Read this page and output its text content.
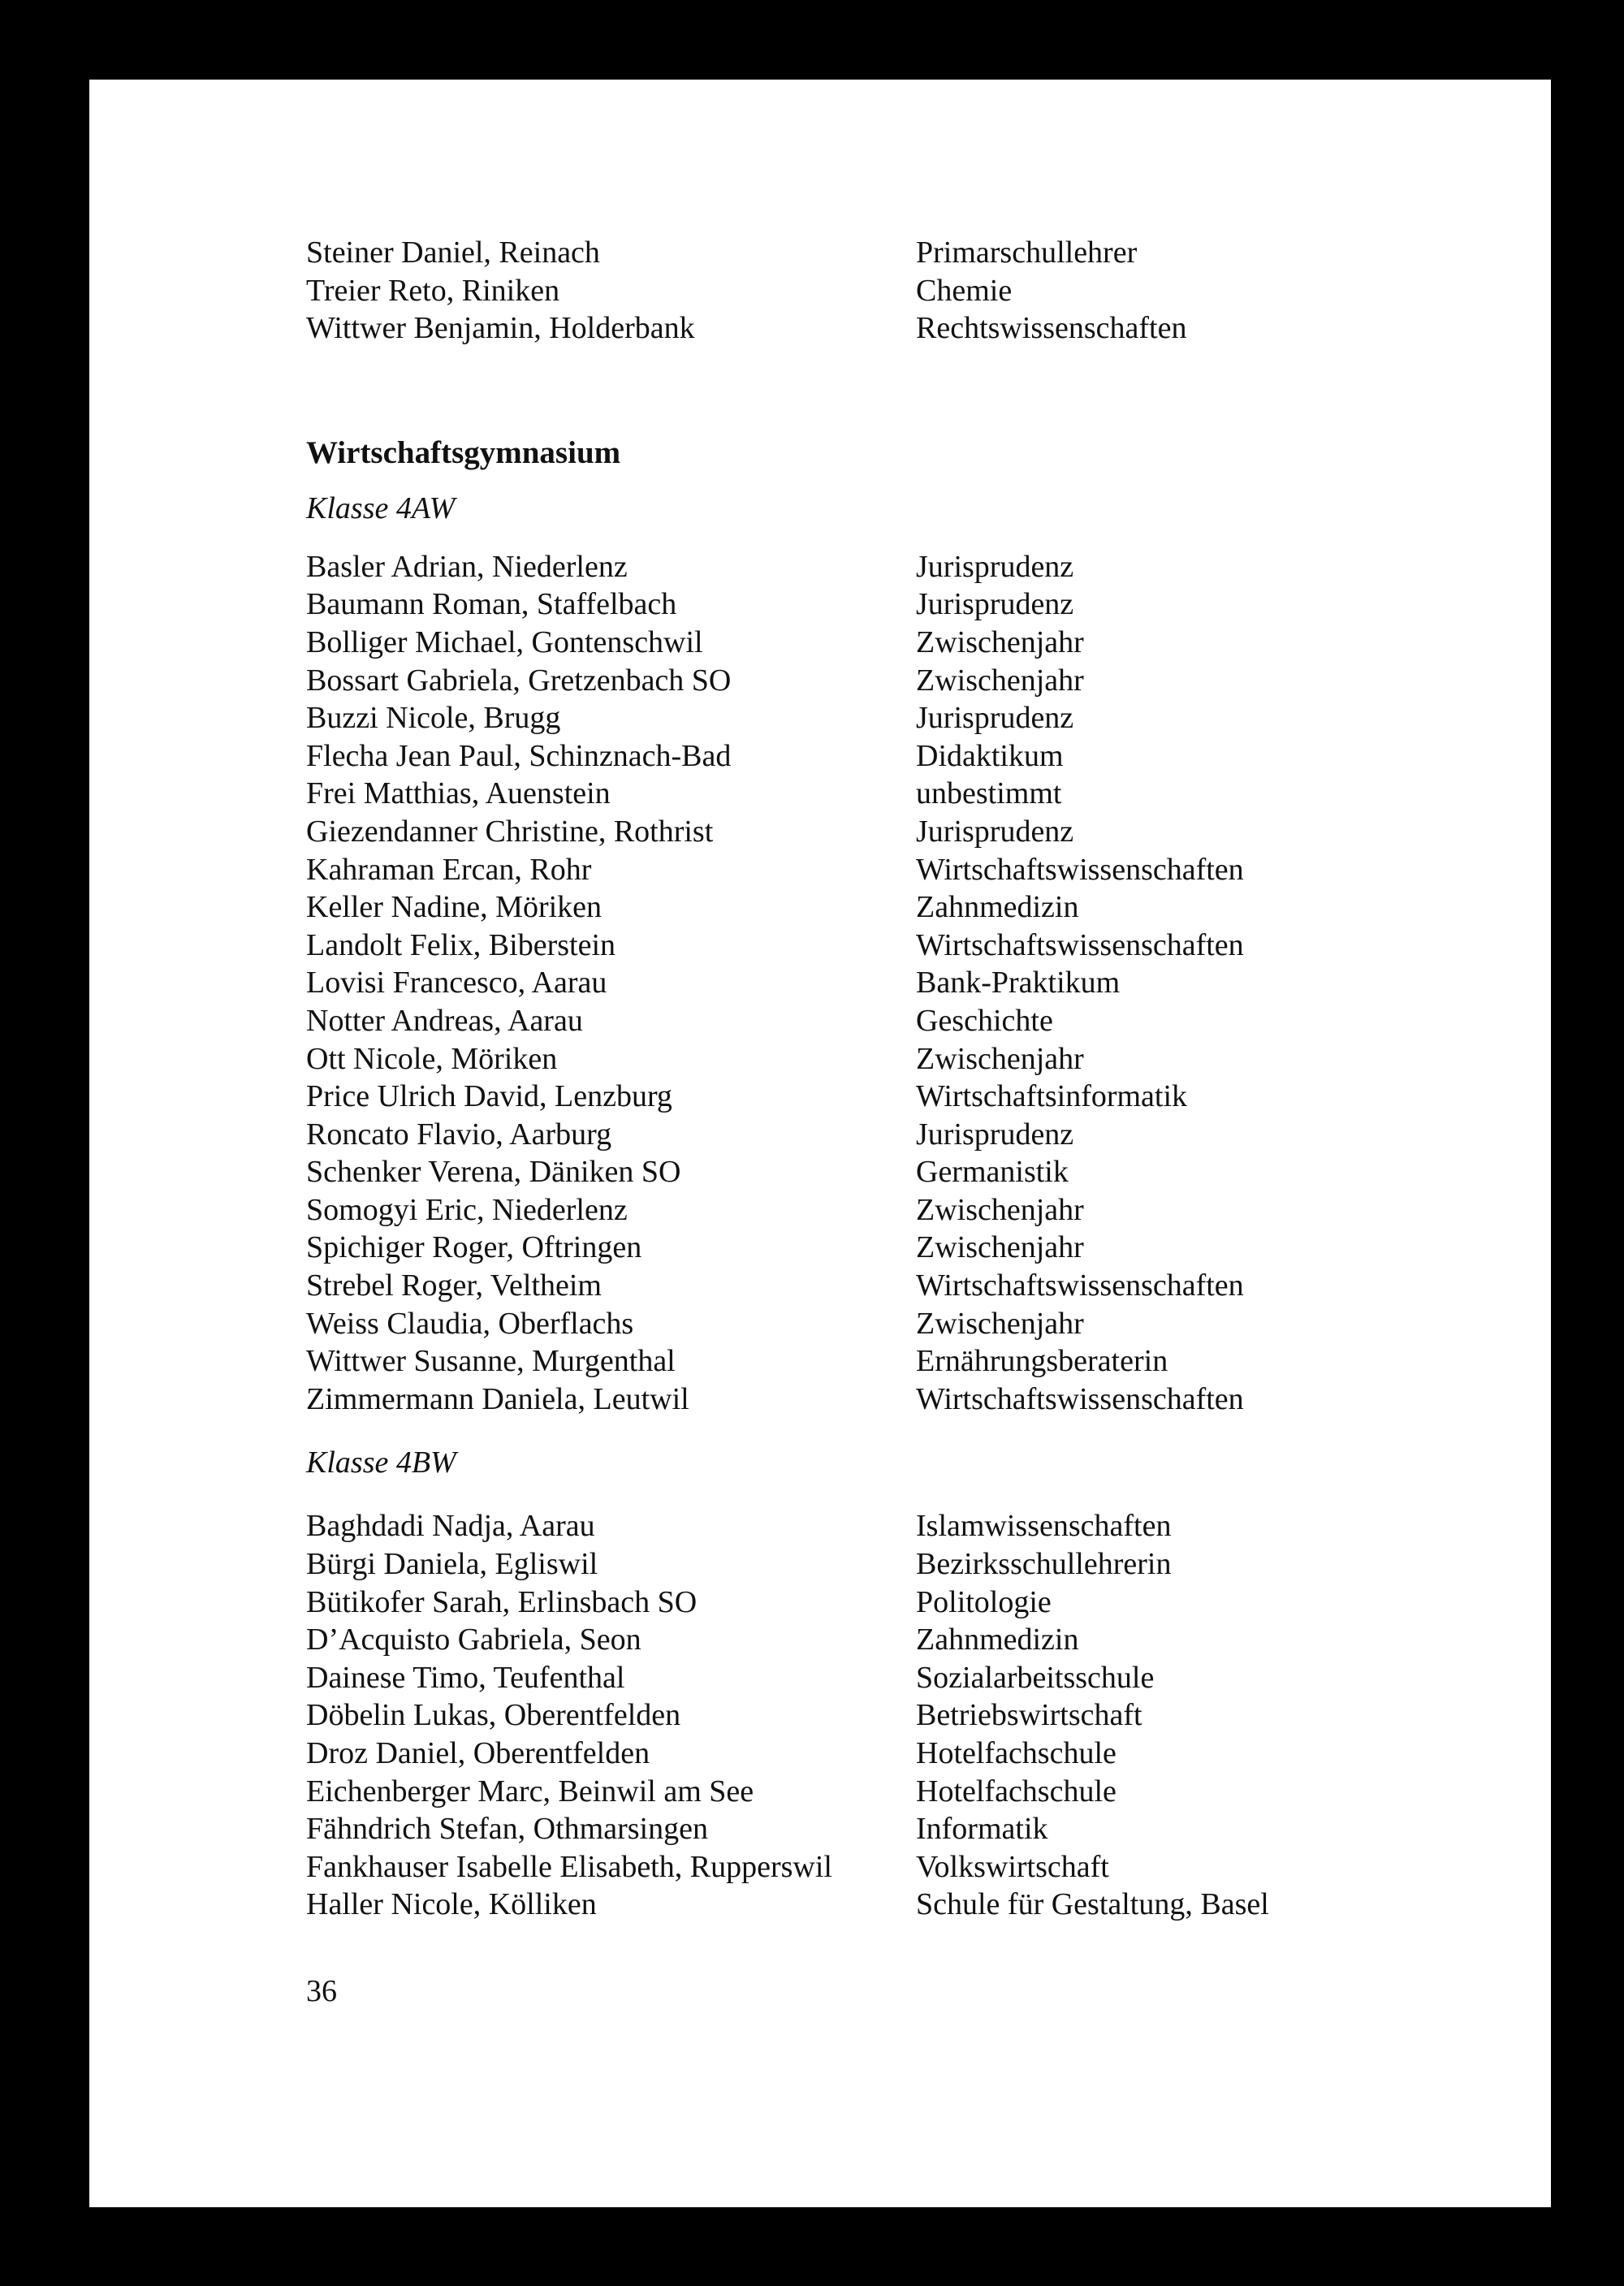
Steiner Daniel, Reinach	Primarschullehrer
Treier Reto, Riniken	Chemie
Wittwer Benjamin, Holderbank	Rechtswissenschaften
Wirtschaftsgymnasium
Klasse 4AW
Basler Adrian, Niederlenz	Jurisprudenz
Baumann Roman, Staffelbach	Jurisprudenz
Bolliger Michael, Gontenschwil	Zwischenjahr
Bossart Gabriela, Gretzenbach SO	Zwischenjahr
Buzzi Nicole, Brugg	Jurisprudenz
Flecha Jean Paul, Schinznach-Bad	Didaktikum
Frei Matthias, Auenstein	unbestimmt
Giezendanner Christine, Rothrist	Jurisprudenz
Kahraman Ercan, Rohr	Wirtschaftswissenschaften
Keller Nadine, Möriken	Zahnmedizin
Landolt Felix, Biberstein	Wirtschaftswissenschaften
Lovisi Francesco, Aarau	Bank-Praktikum
Notter Andreas, Aarau	Geschichte
Ott Nicole, Möriken	Zwischenjahr
Price Ulrich David, Lenzburg	Wirtschaftsinformatik
Roncato Flavio, Aarburg	Jurisprudenz
Schenker Verena, Däniken SO	Germanistik
Somogyi Eric, Niederlenz	Zwischenjahr
Spichiger Roger, Oftringen	Zwischenjahr
Strebel Roger, Veltheim	Wirtschaftswissenschaften
Weiss Claudia, Oberflachs	Zwischenjahr
Wittwer Susanne, Murgenthal	Ernährungsberaterin
Zimmermann Daniela, Leutwil	Wirtschaftswissenschaften
Klasse 4BW
Baghdadi Nadja, Aarau	Islamwissenschaften
Bürgi Daniela, Egliswil	Bezirksschullehrerin
Bütikofer Sarah, Erlinsbach SO	Politologie
D’Acquisto Gabriela, Seon	Zahnmedizin
Dainese Timo, Teufenthal	Sozialarbeitsschule
Döbelin Lukas, Oberentfelden	Betriebswirtschaft
Droz Daniel, Oberentfelden	Hotelfachschule
Eichenberger Marc, Beinwil am See	Hotelfachschule
Fähndrich Stefan, Othmarsingen	Informatik
Fankhauser Isabelle Elisabeth, Rupperswil	Volkswirtschaft
Haller Nicole, Kölliken	Schule für Gestaltung, Basel
36
